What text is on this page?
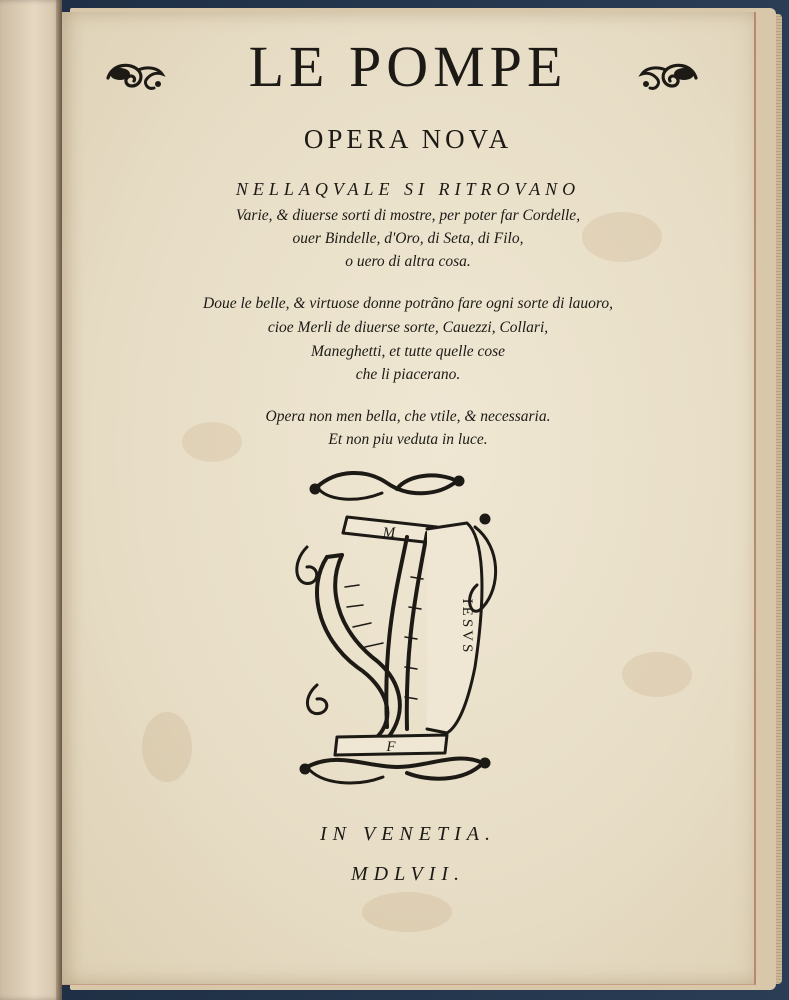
LE POMPE
OPERA NOVA
NELLAQVALE SI RITROVANO
Varie, & diuerse sorti di mostre, per poter far Cordelle,
ouer Bindelle, d'Oro, di Seta, di Filo,
o uero di altra cosa.
Doue le belle, & virtuose donne potrãno fare ogni sorte di lauoro,
cioe Merli de diuerse sorte, Cauezzi, Collari,
Maneghetti, et tutte quelle cose
che li piacerano.
Opera non men bella, che vtile, & necessaria.
Et non piu veduta in luce.
M
IESVS
F
IN VENETIA.
MDLVII.
